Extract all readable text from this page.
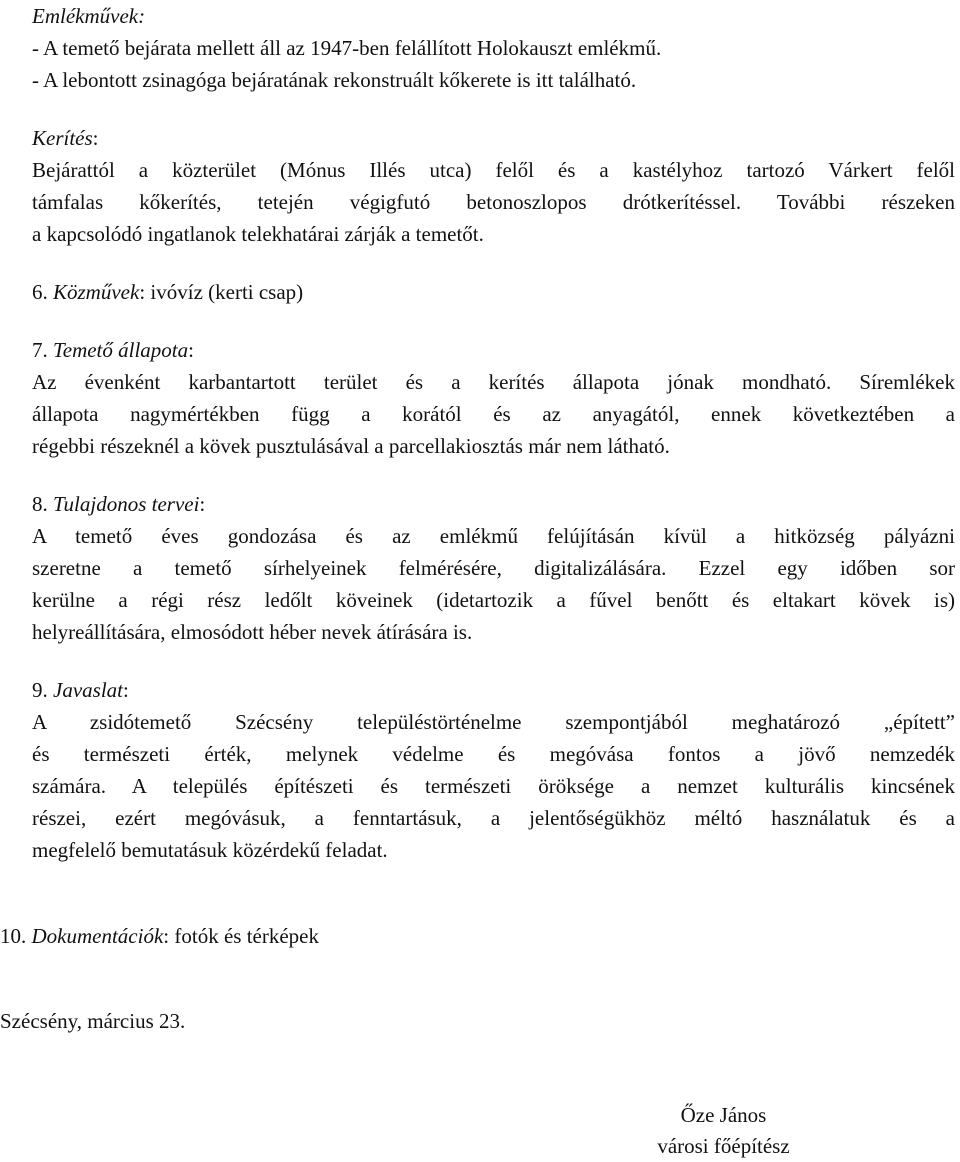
Emlékművek:
- A temető bejárata mellett áll az 1947-ben felállított Holokauszt emlékmű.
- A lebontott zsinagóga bejáratának rekonstruált kőkerete is itt található.
Kerítés:
Bejárattól a közterület (Mónus Illés utca) felől és a kastélyhoz tartozó Várkert felől
támfalas kőkerítés, tetején végigfutó betonoszlopos drótkerítéssel. További részeken
a kapcsolódó ingatlanok telekhatárai zárják a temetőt.
6. Közművek: ivóvíz (kerti csap)
7. Temető állapota:
Az évenként karbantartott terület és a kerítés állapota jónak mondható. Síremlékek
állapota nagymértékben függ a korától és az anyagától, ennek következtében a
régebbi részeknél a kövek pusztulásával a parcellakiosztás már nem látható.
8. Tulajdonos tervei:
A temető éves gondozása és az emlékmű felújításán kívül a hitközség pályázni
szeretne a temető sírhelyeinek felmérésére, digitalizálására. Ezzel egy időben sor
kerülne a régi rész ledőlt köveinek (idetartozik a fűvel benőtt és eltakart kövek is)
helyreállítására, elmosódott héber nevek átírására is.
9. Javaslat:
A zsidótemető Szécsény településtörténelme szempontjából meghatározó „épített”
és természeti érték, melynek védelme és megóvása fontos a jövő nemzedék
számára. A település építészeti és természeti öröksége a nemzet kulturális kincsének
részei, ezért megóvásuk, a fenntartásuk, a jelentőségükhöz méltó használatuk és a
megfelelő bemutatásuk közérdekű feladat.
10. Dokumentációk: fotók és térképek
Szécsény, március 23.
Őze János
városi főépítész
